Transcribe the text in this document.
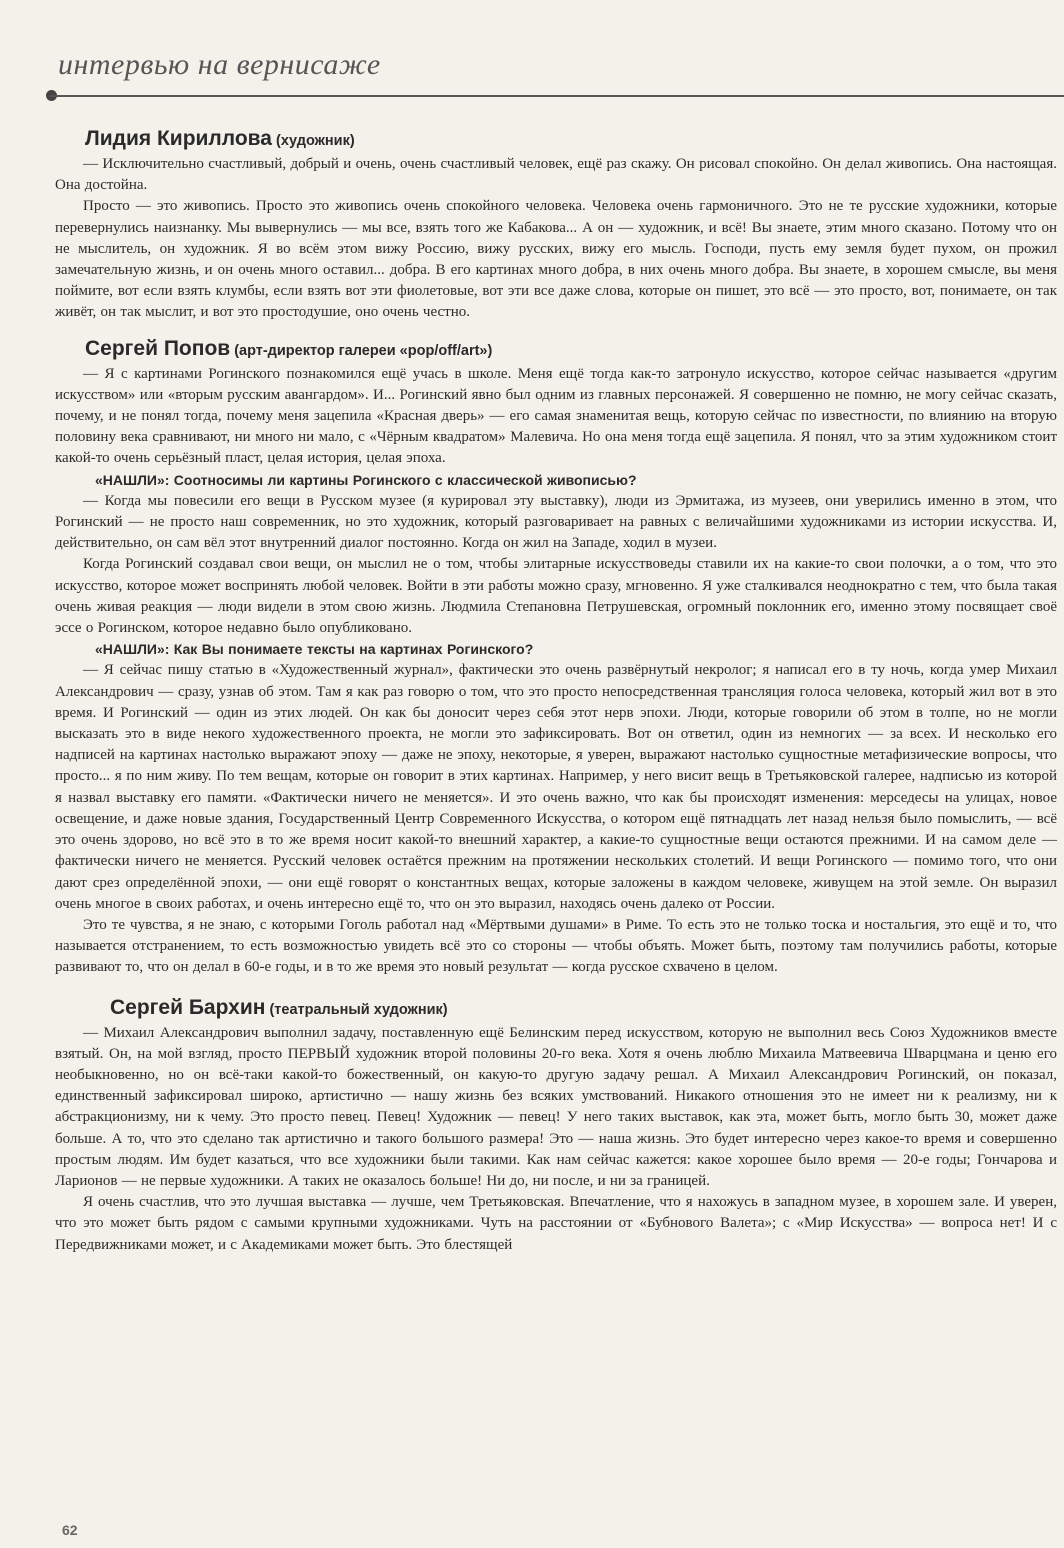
интервью на вернисаже
Лидия Кириллова (художник)

— Исключительно счастливый, добрый и очень, очень счастливый человек, ещё раз скажу. Он рисовал спокойно. Он делал живопись. Она настоящая. Она достойна.

Просто — это живопись. Просто это живопись очень спокойного человека. Человека очень гармоничного. Это не те русские художники, которые перевернулись наизнанку. Мы вывернулись — мы все, взять того же Кабакова... А он — художник, и всё! Вы знаете, этим много сказано. Потому что он не мыслитель, он художник. Я во всём этом вижу Россию, вижу русских, вижу его мысль. Господи, пусть ему земля будет пухом, он прожил замечательную жизнь, и он очень много оставил... добра. В его картинах много добра, в них очень много добра. Вы знаете, в хорошем смысле, вы меня поймите, вот если взять клумбы, если взять вот эти фиолетовые, вот эти все даже слова, которые он пишет, это всё — это просто, вот, понимаете, он так живёт, он так мыслит, и вот это простодушие, оно очень честно.

Сергей Попов (арт-директор галереи «pop/off/art»)

— Я с картинами Рогинского познакомился ещё учась в школе. Меня ещё тогда как-то затронуло искусство, которое сейчас называется «другим искусством» или «вторым русским авангардом». И... Рогинский явно был одним из главных персонажей. Я совершенно не помню, не могу сейчас сказать, почему, и не понял тогда, почему меня зацепила «Красная дверь» — его самая знаменитая вещь, которую сейчас по известности, по влиянию на вторую половину века сравнивают, ни много ни мало, с «Чёрным квадратом» Малевича. Но она меня тогда ещё зацепила. Я понял, что за этим художником стоит какой-то очень серьёзный пласт, целая история, целая эпоха.

«НАШЛИ»: Соотносимы ли картины Рогинского с классической живописью?

— Когда мы повесили его вещи в Русском музее (я курировал эту выставку), люди из Эрмитажа, из музеев, они уверились именно в этом, что Рогинский — не просто наш современник, но это художник, который разговаривает на равных с величайшими художниками из истории искусства. И, действительно, он сам вёл этот внутренний диалог постоянно. Когда он жил на Западе, ходил в музеи.

Когда Рогинский создавал свои вещи, он мыслил не о том, чтобы элитарные искусствоведы ставили их на какие-то свои полочки, а о том, что это искусство, которое может воспринять любой человек. Войти в эти работы можно сразу, мгновенно. Я уже сталкивался неоднократно с тем, что была такая очень живая реакция — люди видели в этом свою жизнь. Людмила Степановна Петрушевская, огромный поклонник его, именно этому посвящает своё эссе о Рогинском, которое недавно было опубликовано.

«НАШЛИ»: Как Вы понимаете тексты на картинах Рогинского?

— Я сейчас пишу статью в «Художественный журнал», фактически это очень развёрнутый некролог; я написал его в ту ночь, когда умер Михаил Александрович — сразу, узнав об этом. Там я как раз говорю о том, что это просто непосредственная трансляция голоса человека, который жил вот в это время. И Рогинский — один из этих людей. Он как бы доносит через себя этот нерв эпохи. Люди, которые говорили об этом в толпе, но не могли высказать это в виде некого художественного проекта, не могли это зафиксировать. Вот он ответил, один из немногих — за всех. И несколько его надписей на картинах настолько выражают эпоху — даже не эпоху, некоторые, я уверен, выражают настолько сущностные метафизические вопросы, что просто... я по ним живу. По тем вещам, которые он говорит в этих картинах. Например, у него висит вещь в Третьяковской галерее, надписью из которой я назвал выставку его памяти. «Фактически ничего не меняется». И это очень важно, что как бы происходят изменения: мерседесы на улицах, новое освещение, и даже новые здания, Государственный Центр Современного Искусства, о котором ещё пятнадцать лет назад нельзя было помыслить, — всё это очень здорово, но всё это в то же время носит какой-то внешний характер, а какие-то сущностные вещи остаются прежними. И на самом деле — фактически ничего не меняется. Русский человек остаётся прежним на протяжении нескольких столетий. И вещи Рогинского — помимо того, что они дают срез определённой эпохи, — они ещё говорят о константных вещах, которые заложены в каждом человеке, живущем на этой земле. Он выразил очень многое в своих работах, и очень интересно ещё то, что он это выразил, находясь очень далеко от России.

Это те чувства, я не знаю, с которыми Гоголь работал над «Мёртвыми душами» в Риме. То есть это не только тоска и ностальгия, это ещё и то, что называется отстранением, то есть возможностью увидеть всё это со стороны — чтобы объять. Может быть, поэтому там получились работы, которые развивают то, что он делал в 60-е годы, и в то же время это новый результат — когда русское схвачено в целом.

Сергей Бархин (театральный художник)

— Михаил Александрович выполнил задачу, поставленную ещё Белинским перед искусством, которую не выполнил весь Союз Художников вместе взятый. Он, на мой взгляд, просто ПЕРВЫЙ художник второй половины 20-го века. Хотя я очень люблю Михаила Матвеевича Шварцмана и ценю его необыкновенно, но он всё-таки какой-то божественный, он какую-то другую задачу решал. А Михаил Александрович Рогинский, он показал, единственный зафиксировал широко, артистично — нашу жизнь без всяких умствований. Никакого отношения это не имеет ни к реализму, ни к абстракционизму, ни к чему. Это просто певец. Певец! Художник — певец! У него таких выставок, как эта, может быть, могло быть 30, может даже больше. А то, что это сделано так артистично и такого большого размера! Это — наша жизнь. Это будет интересно через какое-то время и совершенно простым людям. Им будет казаться, что все художники были такими. Как нам сейчас кажется: какое хорошее было время — 20-е годы; Гончарова и Ларионов — не первые художники. А таких не оказалось больше! Ни до, ни после, и ни за границей.

Я очень счастлив, что это лучшая выставка — лучше, чем Третьяковская. Впечатление, что я нахожусь в западном музее, в хорошем зале. И уверен, что это может быть рядом с самыми крупными художниками. Чуть на расстоянии от «Бубнового Валета»; с «Мир Искусства» — вопроса нет! И с Передвижниками может, и с Академиками может быть. Это блестящей

62
